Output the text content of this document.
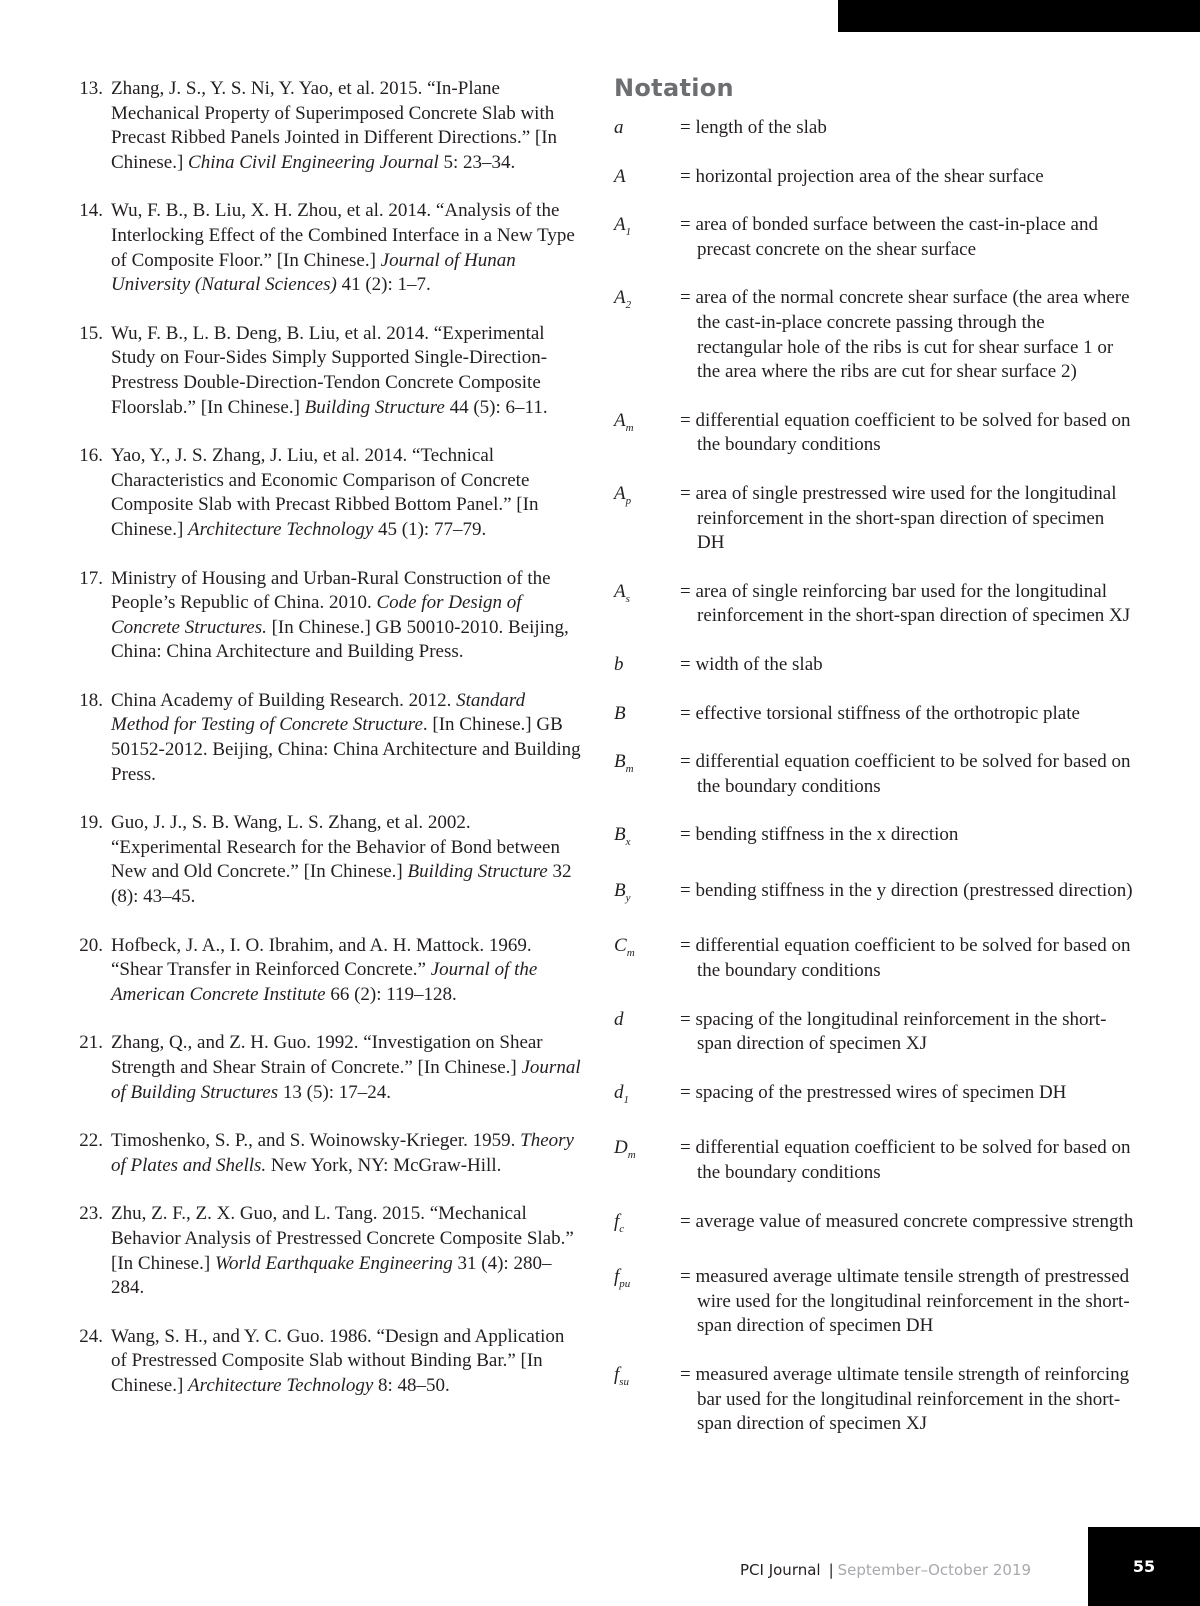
13. Zhang, J. S., Y. S. Ni, Y. Yao, et al. 2015. “In-Plane Mechanical Property of Superimposed Concrete Slab with Precast Ribbed Panels Jointed in Different Directions.” [In Chinese.] China Civil Engineering Journal 5: 23–34.
14. Wu, F. B., B. Liu, X. H. Zhou, et al. 2014. “Analysis of the Interlocking Effect of the Combined Interface in a New Type of Composite Floor.” [In Chinese.] Journal of Hunan University (Natural Sciences) 41 (2): 1–7.
15. Wu, F. B., L. B. Deng, B. Liu, et al. 2014. “Experimental Study on Four-Sides Simply Supported Single-Direction-Prestress Double-Direction-Tendon Concrete Composite Floorslab.” [In Chinese.] Building Structure 44 (5): 6–11.
16. Yao, Y., J. S. Zhang, J. Liu, et al. 2014. “Technical Characteristics and Economic Comparison of Concrete Composite Slab with Precast Ribbed Bottom Panel.” [In Chinese.] Architecture Technology 45 (1): 77–79.
17. Ministry of Housing and Urban-Rural Construction of the People’s Republic of China. 2010. Code for Design of Concrete Structures. [In Chinese.] GB 50010-2010. Beijing, China: China Architecture and Building Press.
18. China Academy of Building Research. 2012. Standard Method for Testing of Concrete Structure. [In Chinese.] GB 50152-2012. Beijing, China: China Architecture and Building Press.
19. Guo, J. J., S. B. Wang, L. S. Zhang, et al. 2002. “Experimental Research for the Behavior of Bond between New and Old Concrete.” [In Chinese.] Building Structure 32 (8): 43–45.
20. Hofbeck, J. A., I. O. Ibrahim, and A. H. Mattock. 1969. “Shear Transfer in Reinforced Concrete.” Journal of the American Concrete Institute 66 (2): 119–128.
21. Zhang, Q., and Z. H. Guo. 1992. “Investigation on Shear Strength and Shear Strain of Concrete.” [In Chinese.] Journal of Building Structures 13 (5): 17–24.
22. Timoshenko, S. P., and S. Woinowsky-Krieger. 1959. Theory of Plates and Shells. New York, NY: McGraw-Hill.
23. Zhu, Z. F., Z. X. Guo, and L. Tang. 2015. “Mechanical Behavior Analysis of Prestressed Concrete Composite Slab.” [In Chinese.] World Earthquake Engineering 31 (4): 280–284.
24. Wang, S. H., and Y. C. Guo. 1986. “Design and Application of Prestressed Composite Slab without Binding Bar.” [In Chinese.] Architecture Technology 8: 48–50.
Notation
a	= length of the slab
A	= horizontal projection area of the shear surface
$A_1$	= area of bonded surface between the cast-in-place and precast concrete on the shear surface
$A_2$	= area of the normal concrete shear surface (the area where the cast-in-place concrete passing through the rectangular hole of the ribs is cut for shear surface 1 or the area where the ribs are cut for shear surface 2)
$A_m$	= differential equation coefficient to be solved for based on the boundary conditions
$A_p$	= area of single prestressed wire used for the longitudinal reinforcement in the short-span direction of specimen DH
$A_s$	= area of single reinforcing bar used for the longitudinal reinforcement in the short-span direction of specimen XJ
b	= width of the slab
B	= effective torsional stiffness of the orthotropic plate
$B_m$	= differential equation coefficient to be solved for based on the boundary conditions
$B_x$	= bending stiffness in the x direction
$B_y$	= bending stiffness in the y direction (prestressed direction)
$C_m$	= differential equation coefficient to be solved for based on the boundary conditions
d	= spacing of the longitudinal reinforcement in the short-span direction of specimen XJ
$d_1$	= spacing of the prestressed wires of specimen DH
$D_m$	= differential equation coefficient to be solved for based on the boundary conditions
$f_c$	= average value of measured concrete compressive strength
$f_{pu}$	= measured average ultimate tensile strength of prestressed wire used for the longitudinal reinforcement in the short-span direction of specimen DH
$f_{su}$	= measured average ultimate tensile strength of reinforcing bar used for the longitudinal reinforcement in the short-span direction of specimen XJ
PCI Journal | September–October 2019	55
